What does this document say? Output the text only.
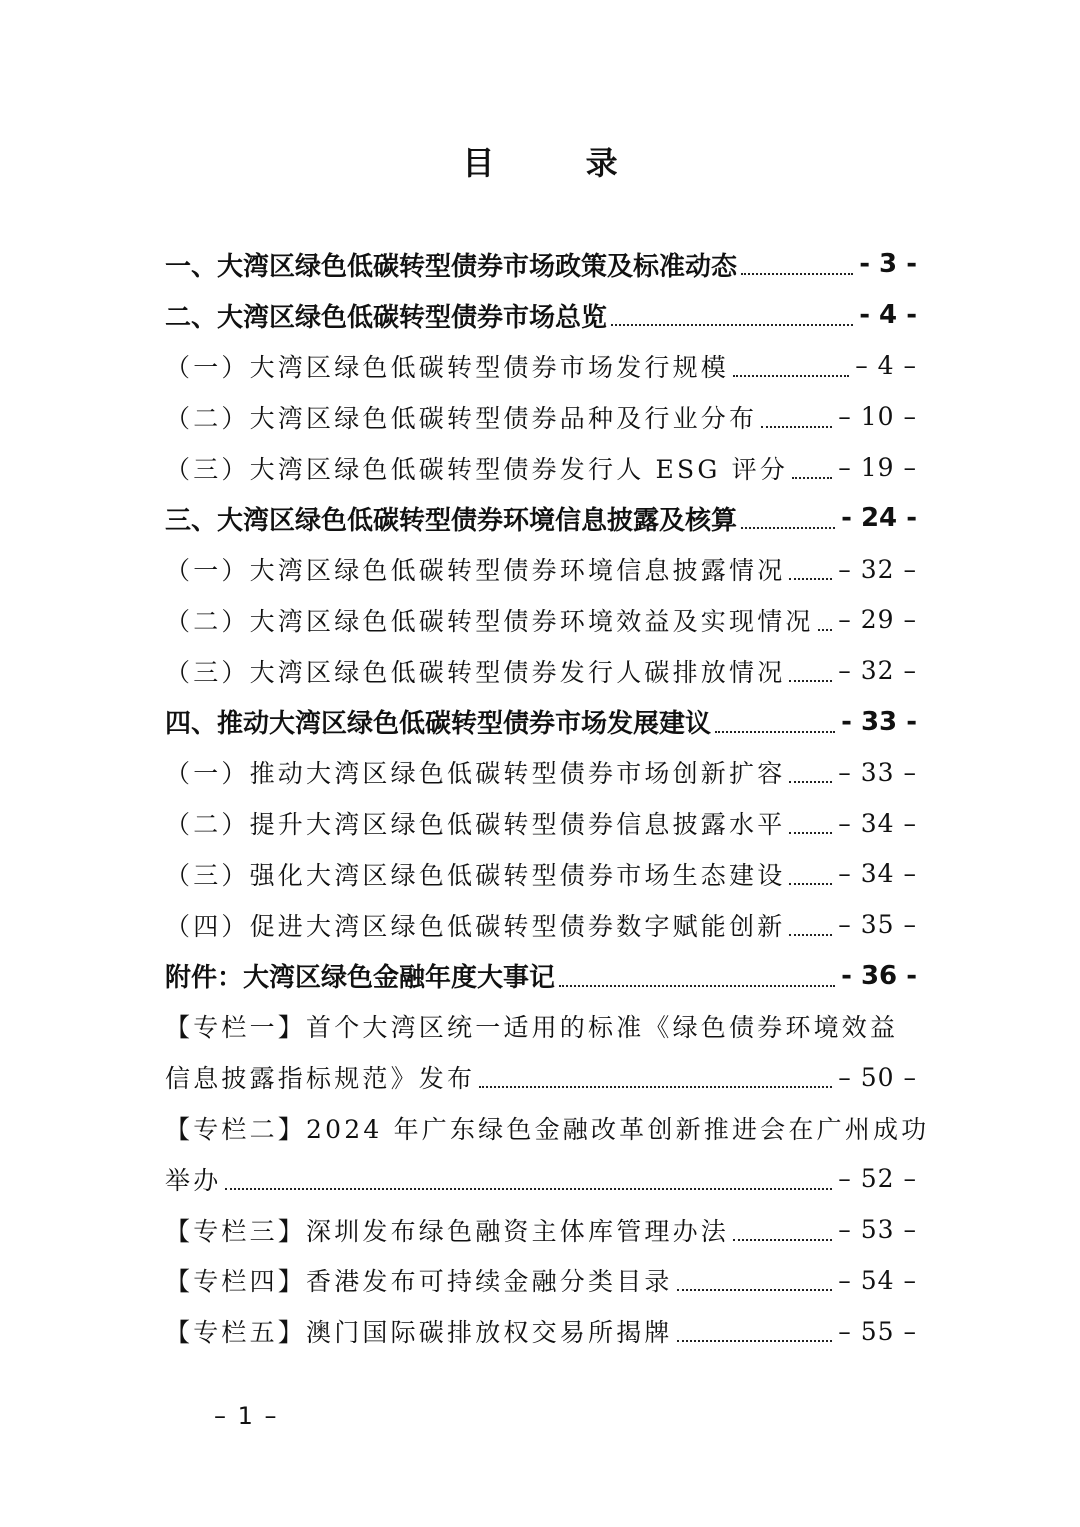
目 录
一、大湾区绿色低碳转型债券市场政策及标准动态	- 3 -
二、大湾区绿色低碳转型债券市场总览	- 4 -
（一）大湾区绿色低碳转型债券市场发行规模	– 4 –
（二）大湾区绿色低碳转型债券品种及行业分布	– 10 –
（三）大湾区绿色低碳转型债券发行人 ESG 评分 – 19 –
三、大湾区绿色低碳转型债券环境信息披露及核算	- 24 -
（一）大湾区绿色低碳转型债券环境信息披露情况 – 32 –
（二）大湾区绿色低碳转型债券环境效益及实现情况 – 29 –
（三）大湾区绿色低碳转型债券发行人碳排放情况 – 32 –
四、推动大湾区绿色低碳转型债券市场发展建议	- 33 -
（一）推动大湾区绿色低碳转型债券市场创新扩容 – 33 –
（二）提升大湾区绿色低碳转型债券信息披露水平 – 34 –
（三）强化大湾区绿色低碳转型债券市场生态建设 – 34 –
（四）促进大湾区绿色低碳转型债券数字赋能创新 – 35 –
附件：大湾区绿色金融年度大事记	- 36 -
【专栏一】首个大湾区统一适用的标准《绿色债券环境效益
信息披露指标规范》发布	– 50 –
【专栏二】2024 年广东绿色金融改革创新推进会在广州成功
举办	– 52 –
【专栏三】深圳发布绿色融资主体库管理办法	– 53 –
【专栏四】香港发布可持续金融分类目录	– 54 –
【专栏五】澳门国际碳排放权交易所揭牌	– 55 –
– 1 –
